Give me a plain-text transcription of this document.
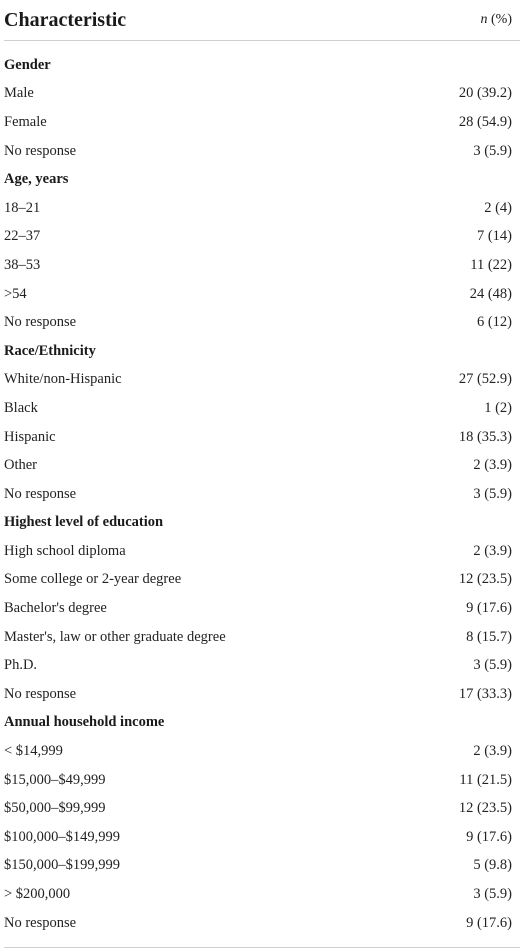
Characteristic	n (%)
Gender
Male	20 (39.2)
Female	28 (54.9)
No response	3 (5.9)
Age, years
18–21	2 (4)
22–37	7 (14)
38–53	11 (22)
>54	24 (48)
No response	6 (12)
Race/Ethnicity
White/non-Hispanic	27 (52.9)
Black	1 (2)
Hispanic	18 (35.3)
Other	2 (3.9)
No response	3 (5.9)
Highest level of education
High school diploma	2 (3.9)
Some college or 2-year degree	12 (23.5)
Bachelor's degree	9 (17.6)
Master's, law or other graduate degree	8 (15.7)
Ph.D.	3 (5.9)
No response	17 (33.3)
Annual household income
< $14,999	2 (3.9)
$15,000–$49,999	11 (21.5)
$50,000–$99,999	12 (23.5)
$100,000–$149,999	9 (17.6)
$150,000–$199,999	5 (9.8)
> $200,000	3 (5.9)
No response	9 (17.6)
